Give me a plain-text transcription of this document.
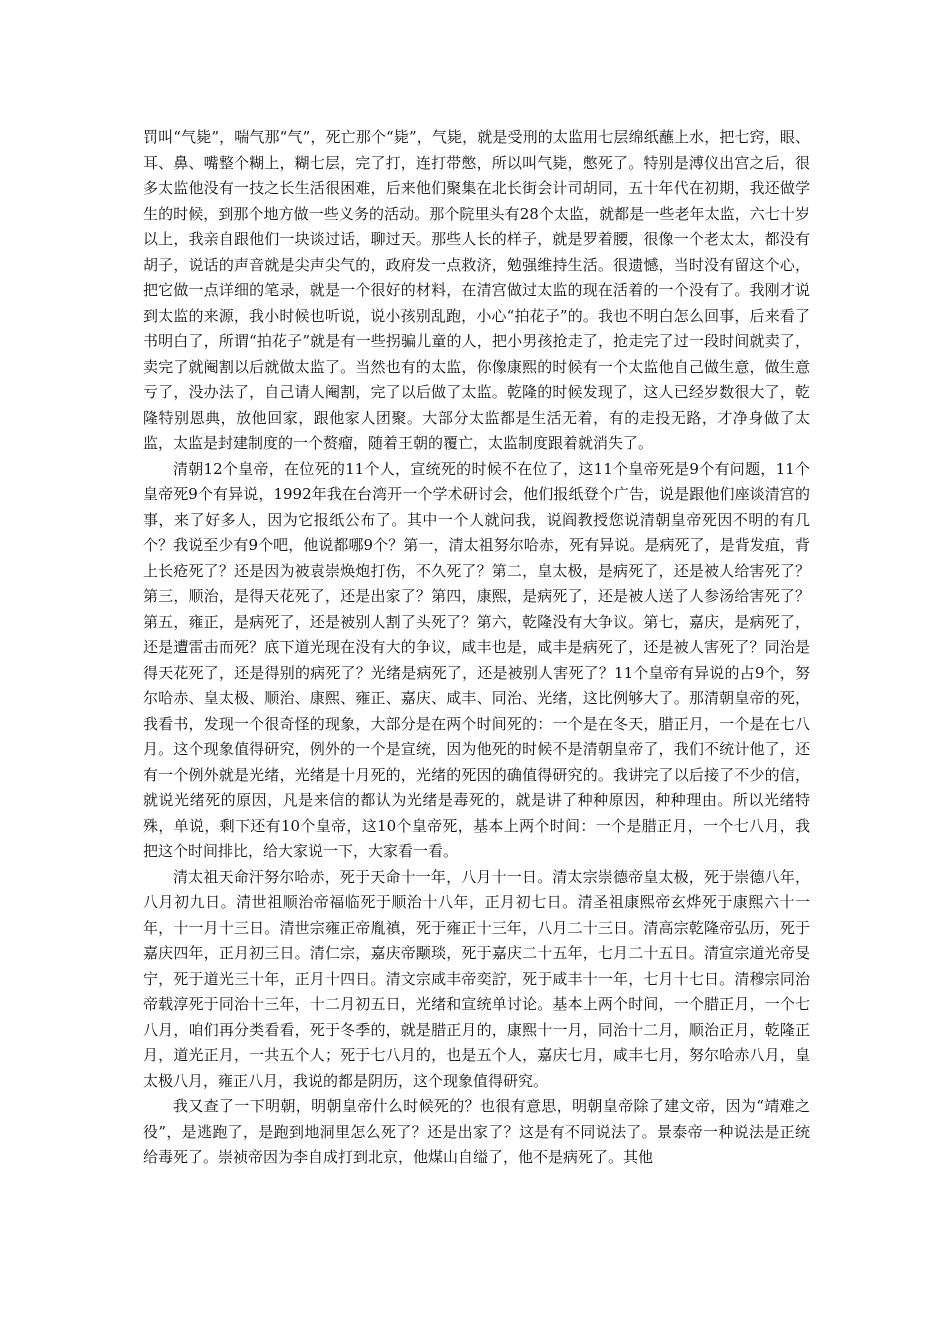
罚叫“气毙”，喘气那“气”，死亡那个“毙”，气毙，就是受刑的太监用七层绵纸蘸上水，把七窍，眼、耳、鼻、嘴整个糊上，糊七层，完了打，连打带憋，所以叫气毙，憋死了。特别是溥仪出宫之后，很多太监他没有一技之长生活很困难，后来他们聚集在北长街会计司胡同，五十年代在初期，我还做学生的时候，到那个地方做一些义务的活动。那个院里头有28个太监，就都是一些老年太监，六七十岁以上，我亲自跟他们一块谈过话，聊过天。那些人长的样子，就是罗着腰，很像一个老太太，都没有胡子，说话的声音就是尖声尖气的，政府发一点救济，勉强维持生活。很遗憾，当时没有留这个心，把它做一点详细的笔录，就是一个很好的材料，在清宫做过太监的现在活着的一个没有了。我刚才说到太监的来源，我小时候也听说，说小孩别乱跑，小心“拍花子”的。我也不明白怎么回事，后来看了书明白了，所谓“拍花子”就是有一些拐骗儿童的人，把小男孩抢走了，抢走完了过一段时间就卖了，卖完了就阉割以后就做太监了。当然也有的太监，你像康熙的时候有一个太监他自己做生意，做生意亏了，没办法了，自己请人阉割，完了以后做了太监。乾隆的时候发现了，这人已经岁数很大了，乾隆特别恩典，放他回家，跟他家人团聚。大部分太监都是生活无着，有的走投无路，才净身做了太监，太监是封建制度的一个赘瘤，随着王朝的覆亡，太监制度跟着就消失了。

清朝12个皇帝，在位死的11个人，宣统死的时候不在位了，这11个皇帝死是9个有问题，11个皇帝死9个有异说，1992年我在台湾开一个学术研讨会，他们报纸登个广告，说是跟他们座谈清宫的事，来了好多人，因为它报纸公布了。其中一个人就问我，说阎教授您说清朝皇帝死因不明的有几个？我说至少有9个吧，他说都哪9个？第一，清太祖努尔哈赤，死有异说。是病死了，是背发疽，背上长疮死了？还是因为被袁崇焕炮打伤，不久死了？第二，皇太极，是病死了，还是被人给害死了？第三，顺治，是得天花死了，还是出家了？第四，康熙，是病死了，还是被人送了人参汤给害死了？第五，雍正，是病死了，还是被别人割了头死了？第六，乾隆没有大争议。第七，嘉庆，是病死了，还是遭雷击而死？底下道光现在没有大的争议，咸丰也是，咸丰是病死了，还是被人害死了？同治是得天花死了，还是得别的病死了？光绪是病死了，还是被别人害死了？11个皇帝有异说的占9个，努尔哈赤、皇太极、顺治、康熙、雍正、嘉庆、咸丰、同治、光绪，这比例够大了。那清朝皇帝的死，我看书，发现一个很奇怪的现象，大部分是在两个时间死的：一个是在冬天，腊正月，一个是在七八月。这个现象值得研究，例外的一个是宣统，因为他死的时候不是清朝皇帝了，我们不统计他了，还有一个例外就是光绪，光绪是十月死的，光绪的死因的确值得研究的。我讲完了以后接了不少的信，就说光绪死的原因，凡是来信的都认为光绪是毒死的，就是讲了种种原因，种种理由。所以光绪特殊，单说，剩下还有10个皇帝，这10个皇帝死，基本上两个时间：一个是腊正月，一个七八月，我把这个时间排比，给大家说一下，大家看一看。

清太祖天命汗努尔哈赤，死于天命十一年，八月十一日。清太宗崇德帝皇太极，死于崇德八年，八月初九日。清世祖顺治帝福临死于顺治十八年，正月初七日。清圣祖康熙帝玄烨死于康熙六十一年，十一月十三日。清世宗雍正帝胤禛，死于雍正十三年，八月二十三日。清高宗乾隆帝弘历，死于嘉庆四年，正月初三日。清仁宗，嘉庆帝颙琰，死于嘉庆二十五年，七月二十五日。清宣宗道光帝旻宁，死于道光三十年，正月十四日。清文宗咸丰帝奕詝，死于咸丰十一年，七月十七日。清穆宗同治帝载淳死于同治十三年，十二月初五日，光绪和宣统单讨论。基本上两个时间，一个腊正月，一个七八月，咱们再分类看看，死于冬季的，就是腊正月的，康熙十一月，同治十二月，顺治正月，乾隆正月，道光正月，一共五个人；死于七八月的，也是五个人，嘉庆七月，咸丰七月，努尔哈赤八月，皇太极八月，雍正八月，我说的都是阴历，这个现象值得研究。

我又查了一下明朝，明朝皇帝什么时候死的？也很有意思，明朝皇帝除了建文帝，因为“靖难之役”，是逃跑了，是跑到地洞里怎么死了？还是出家了？这是有不同说法了。景泰帝一种说法是正统给毒死了。崇祯帝因为李自成打到北京，他煤山自缢了，他不是病死了。其他
